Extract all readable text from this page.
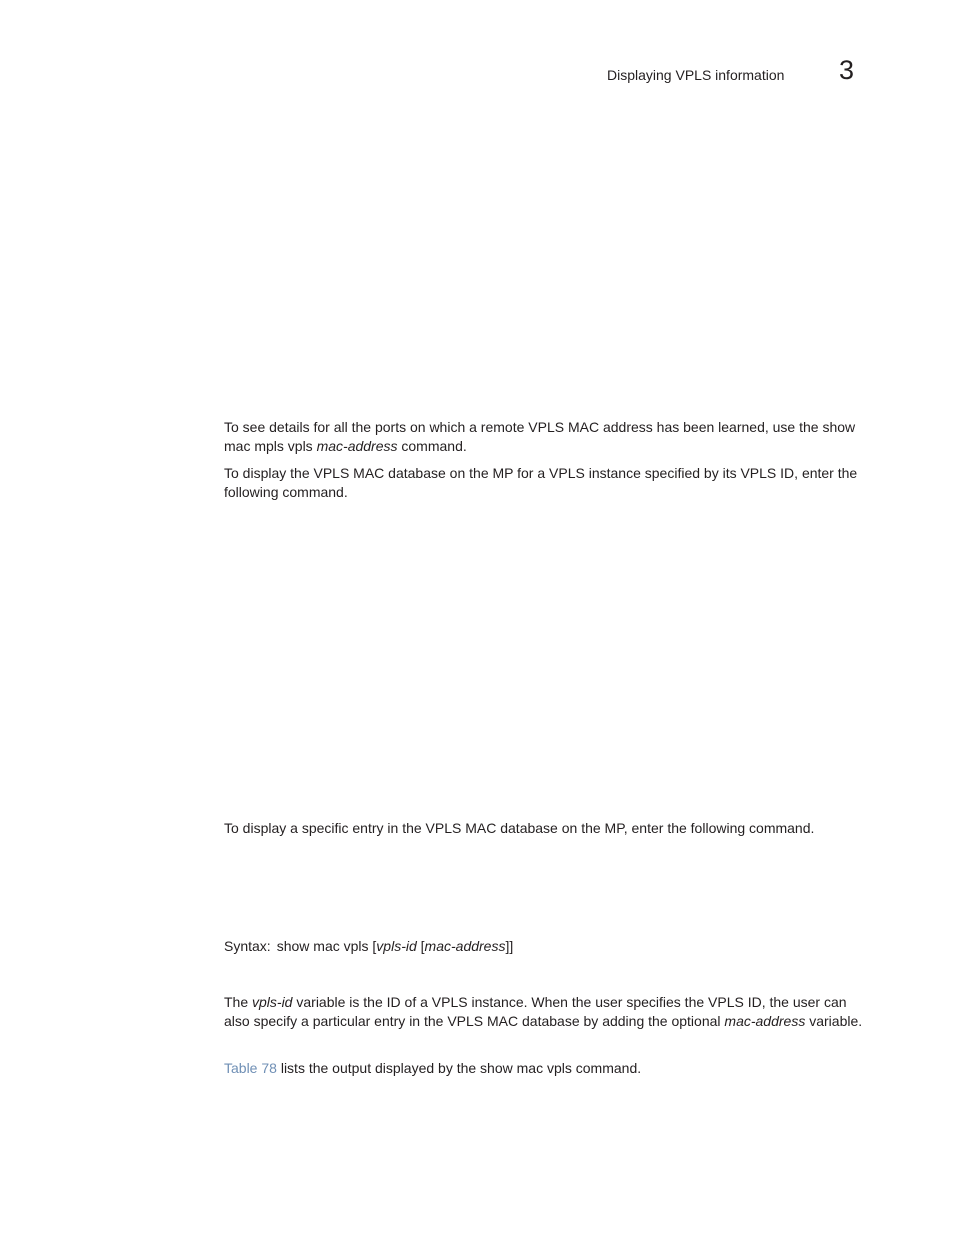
Displaying VPLS information 3

To see details for all the ports on which a remote VPLS MAC address has been learned, use the show mac mpls vpls mac-address command.

To display the VPLS MAC database on the MP for a VPLS instance specified by its VPLS ID, enter the following command.

To display a specific entry in the VPLS MAC database on the MP, enter the following command.

Syntax: show mac vpls [vpls-id [mac-address]]

The vpls-id variable is the ID of a VPLS instance. When the user specifies the VPLS ID, the user can also specify a particular entry in the VPLS MAC database by adding the optional mac-address variable.

Table 78 lists the output displayed by the show mac vpls command.
